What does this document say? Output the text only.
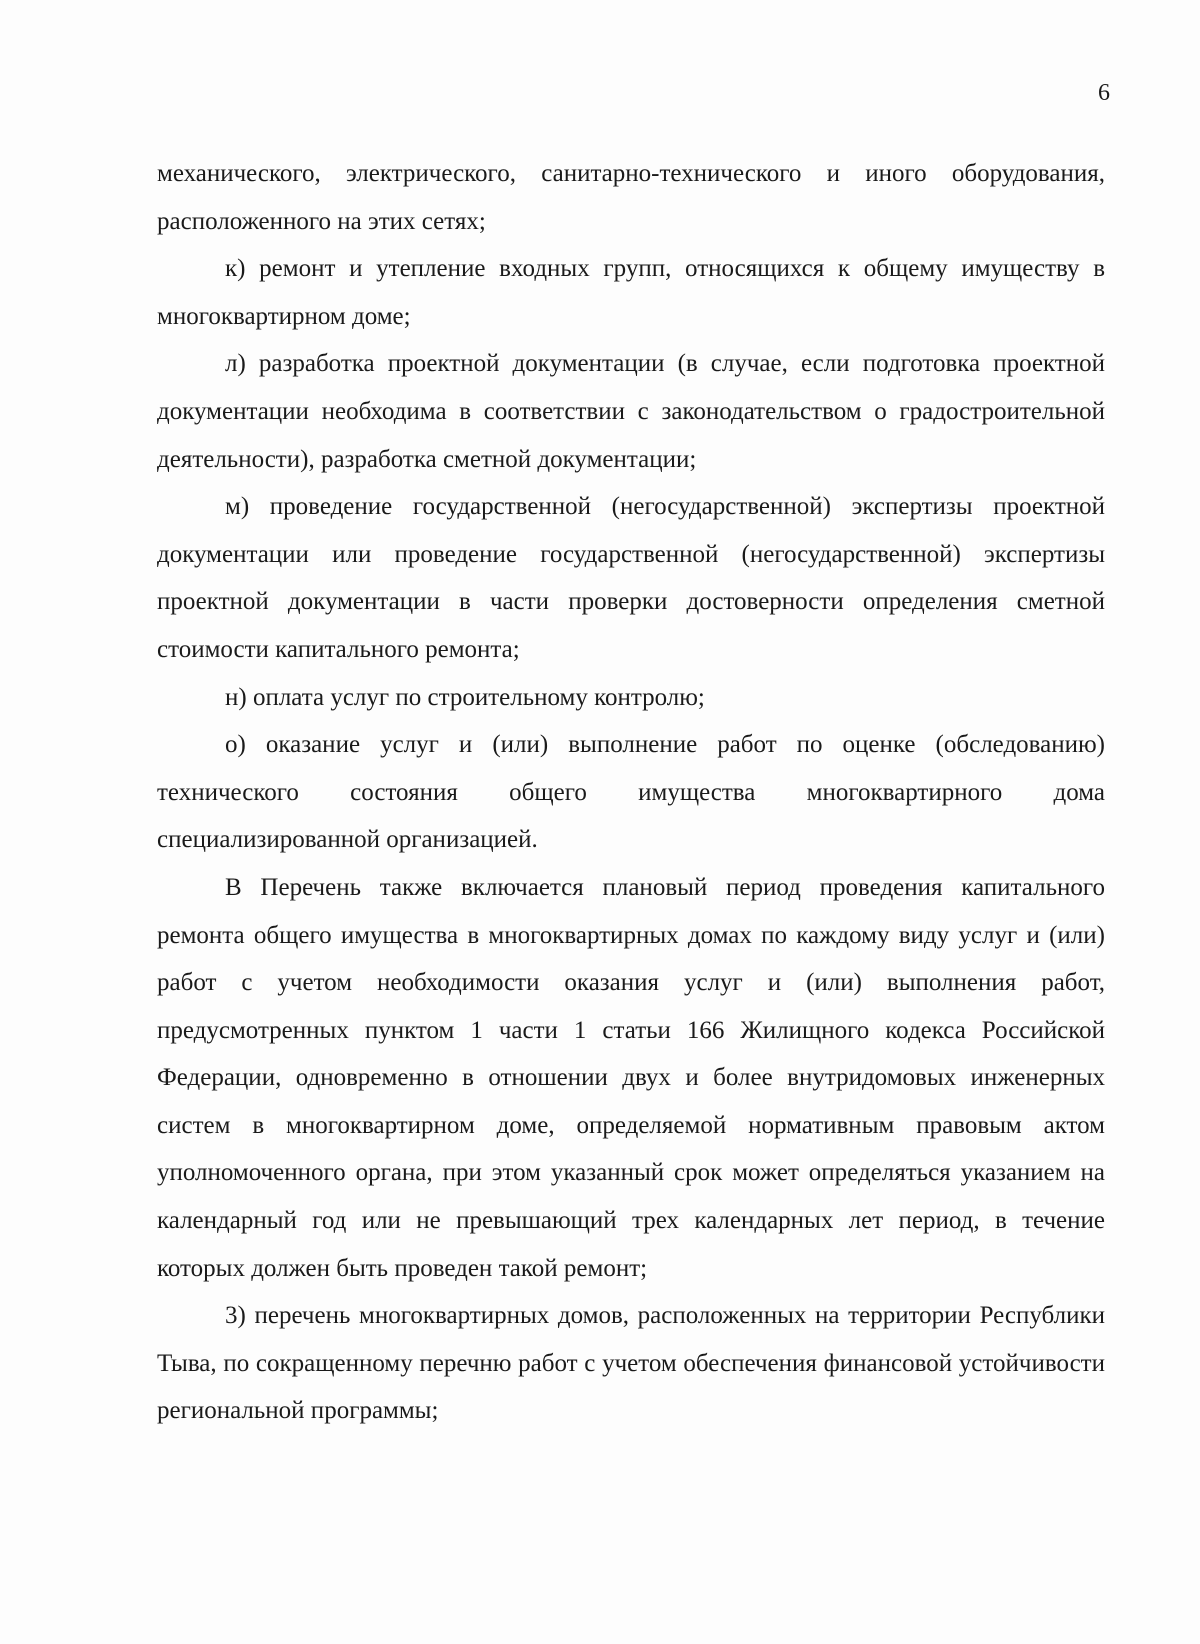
6

механического, электрического, санитарно-технического и иного оборудования, расположенного на этих сетях;

к) ремонт и утепление входных групп, относящихся к общему имуществу в многоквартирном доме;

л) разработка проектной документации (в случае, если подготовка проектной документации необходима в соответствии с законодательством о градостроительной деятельности), разработка сметной документации;

м) проведение государственной (негосударственной) экспертизы проектной документации или проведение государственной (негосударственной) экспертизы проектной документации в части проверки достоверности определения сметной стоимости капитального ремонта;

н) оплата услуг по строительному контролю;

о) оказание услуг и (или) выполнение работ по оценке (обследованию) технического состояния общего имущества многоквартирного дома специализированной организацией.

В Перечень также включается плановый период проведения капитального ремонта общего имущества в многоквартирных домах по каждому виду услуг и (или) работ с учетом необходимости оказания услуг и (или) выполнения работ, предусмотренных пунктом 1 части 1 статьи 166 Жилищного кодекса Российской Федерации, одновременно в отношении двух и более внутридомовых инженерных систем в многоквартирном доме, определяемой нормативным правовым актом уполномоченного органа, при этом указанный срок может определяться указанием на календарный год или не превышающий трех календарных лет период, в течение которых должен быть проведен такой ремонт;

3) перечень многоквартирных домов, расположенных на территории Республики Тыва, по сокращенному перечню работ с учетом обеспечения финансовой устойчивости региональной программы;
